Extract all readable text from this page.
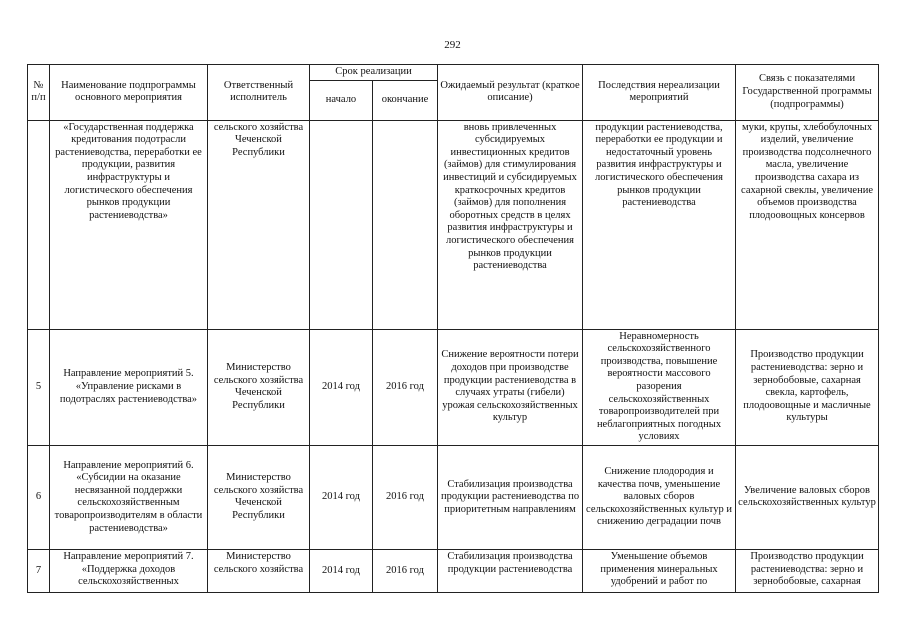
292
№ п/п	Наименование подпрограммы основного мероприятия	Ответственный исполнитель	Срок реализации		Ожидаемый результат (краткое описание)	Последствия нереализации мероприятий	Связь с показателями Государственной программы (подпрограммы)
			начало	окончание			
	«Государственная поддержка кредитования подотрасли растениеводства, переработки ее продукции, развития инфраструктуры и логистического обеспечения рынков продукции растениеводства»	сельского хозяйства Чеченской Республики			вновь привлеченных субсидируемых инвестиционных кредитов (займов) для стимулирования инвестиций и субсидируемых краткосрочных кредитов (займов) для пополнения оборотных средств в целях развития инфраструктуры и логистического обеспечения рынков продукции растениеводства	продукции растениеводства, переработки ее продукции и недостаточный уровень развития инфраструктуры и логистического обеспечения рынков продукции растениеводства	муки, крупы, хлебобулочных изделий, увеличение производства подсолнечного масла, увеличение производства сахара из сахарной свеклы, увеличение объемов производства плодоовощных консервов
5	Направление мероприятий 5. «Управление рисками в подотраслях растениеводства»	Министерство сельского хозяйства Чеченской Республики	2014 год	2016 год	Снижение вероятности потери доходов при производстве продукции растениеводства в случаях утраты (гибели) урожая сельскохозяйственных культур	Неравномерность сельскохозяйственного производства, повышение вероятности массового разорения сельскохозяйственных товаропроизводителей при неблагоприятных погодных условиях	Производство продукции растениеводства: зерно и зернобобовые, сахарная свекла, картофель, плодоовощные и масличные культуры
6	Направление мероприятий 6. «Субсидии на оказание несвязанной поддержки сельскохозяйственным товаропроизводителям в области растениеводства»	Министерство сельского хозяйства Чеченской Республики	2014 год	2016 год	Стабилизация производства продукции растениеводства по приоритетным направлениям	Снижение плодородия и качества почв, уменьшение валовых сборов сельскохозяйственных культур и снижению деградации почв	Увеличение валовых сборов сельскохозяйственных культур
7	Направление мероприятий 7. «Поддержка доходов сельскохозяйственных	Министерство сельского хозяйства	2014 год	2016 год	Стабилизация производства продукции растениеводства	Уменьшение объемов применения минеральных удобрений и работ по	Производство продукции растениеводства: зерно и зернобобовые, сахарная
